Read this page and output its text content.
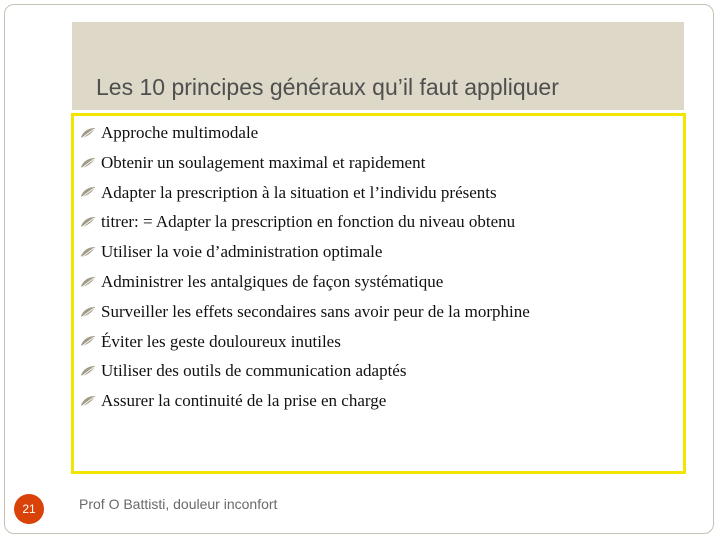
Les 10 principes généraux qu’il faut appliquer
Approche multimodale
Obtenir un soulagement maximal et rapidement
Adapter la prescription à la situation et l’individu présents
titrer: = Adapter la prescription en fonction du niveau obtenu
Utiliser la voie d’administration optimale
Administrer les antalgiques de façon systématique
Surveiller les effets secondaires sans avoir peur de la morphine
Éviter les geste douloureux inutiles
Utiliser des outils de communication adaptés
Assurer la continuité de la prise en charge
21	Prof O Battisti, douleur inconfort
